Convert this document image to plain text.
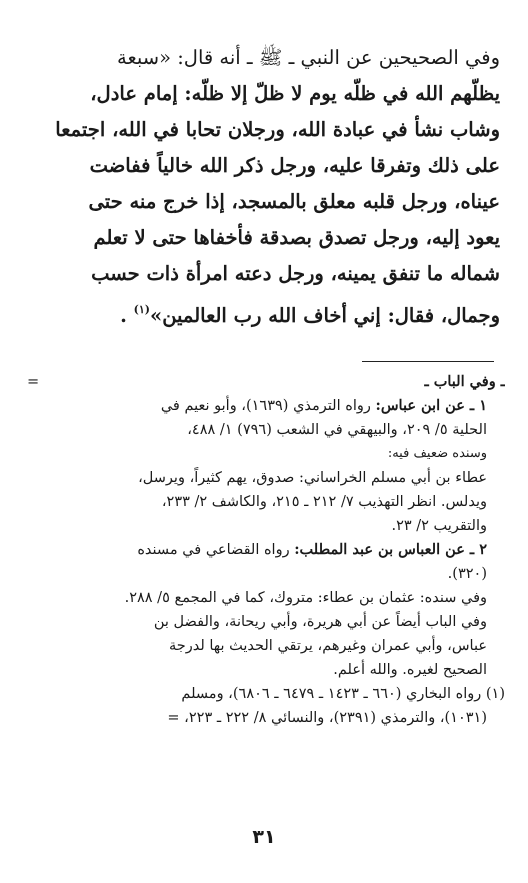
وفي الصحيحين عن النبي ـ ﷺ ـ أنه قال: «سبعة
يظلّهم الله في ظلّه يوم لا ظلّ إلا ظلّه: إمام عادل،
وشاب نشأ في عبادة الله، ورجلان تحابا في الله، اجتمعا
على ذلك وتفرقا عليه، ورجل ذكر الله خالياً ففاضت
عيناه، ورجل قلبه معلق بالمسجد، إذا خرج منه حتى
يعود إليه، ورجل تصدق بصدقة فأخفاها حتى لا تعلم
شماله ما تنفق يمينه، ورجل دعته امرأة ذات حسب
وجمال، فقال: إني أخاف الله رب العالمين»$^{(١)}$ .
ـ وفي الباب ـ
=
١ ـ عن ابن عباس: رواه الترمذي (١٦٣٩)، وأبو نعيم في
الحلية ٥/ ٢٠٩، والبيهقي في الشعب (٧٩٦) ١/ ٤٨٨،
وسنده ضعيف فيه:
عطاء بن أبي مسلم الخراساني: صدوق، يهم كثيراً، ويرسل،
ويدلس. انظر التهذيب ٧/ ٢١٢ ـ ٢١٥، والكاشف ٢/ ٢٣٣،
والتقريب ٢/ ٢٣.
٢ ـ عن العباس بن عبد المطلب: رواه القضاعي في مسنده
(٣٢٠).
وفي سنده: عثمان بن عطاء: متروك، كما في المجمع ٥/ ٢٨٨.
وفي الباب أيضاً عن أبي هريرة، وأبي ريحانة، والفضل بن
عباس، وأبي عمران وغيرهم، يرتقي الحديث بها لدرجة
الصحيح لغيره. والله أعلم.
(١) رواه البخاري (٦٦٠ ـ ١٤٢٣ ـ ٦٤٧٩ ـ ٦٨٠٦)، ومسلم
(١٠٣١)، والترمذي (٢٣٩١)، والنسائي ٨/ ٢٢٢ ـ ٢٢٣، =
٣١
